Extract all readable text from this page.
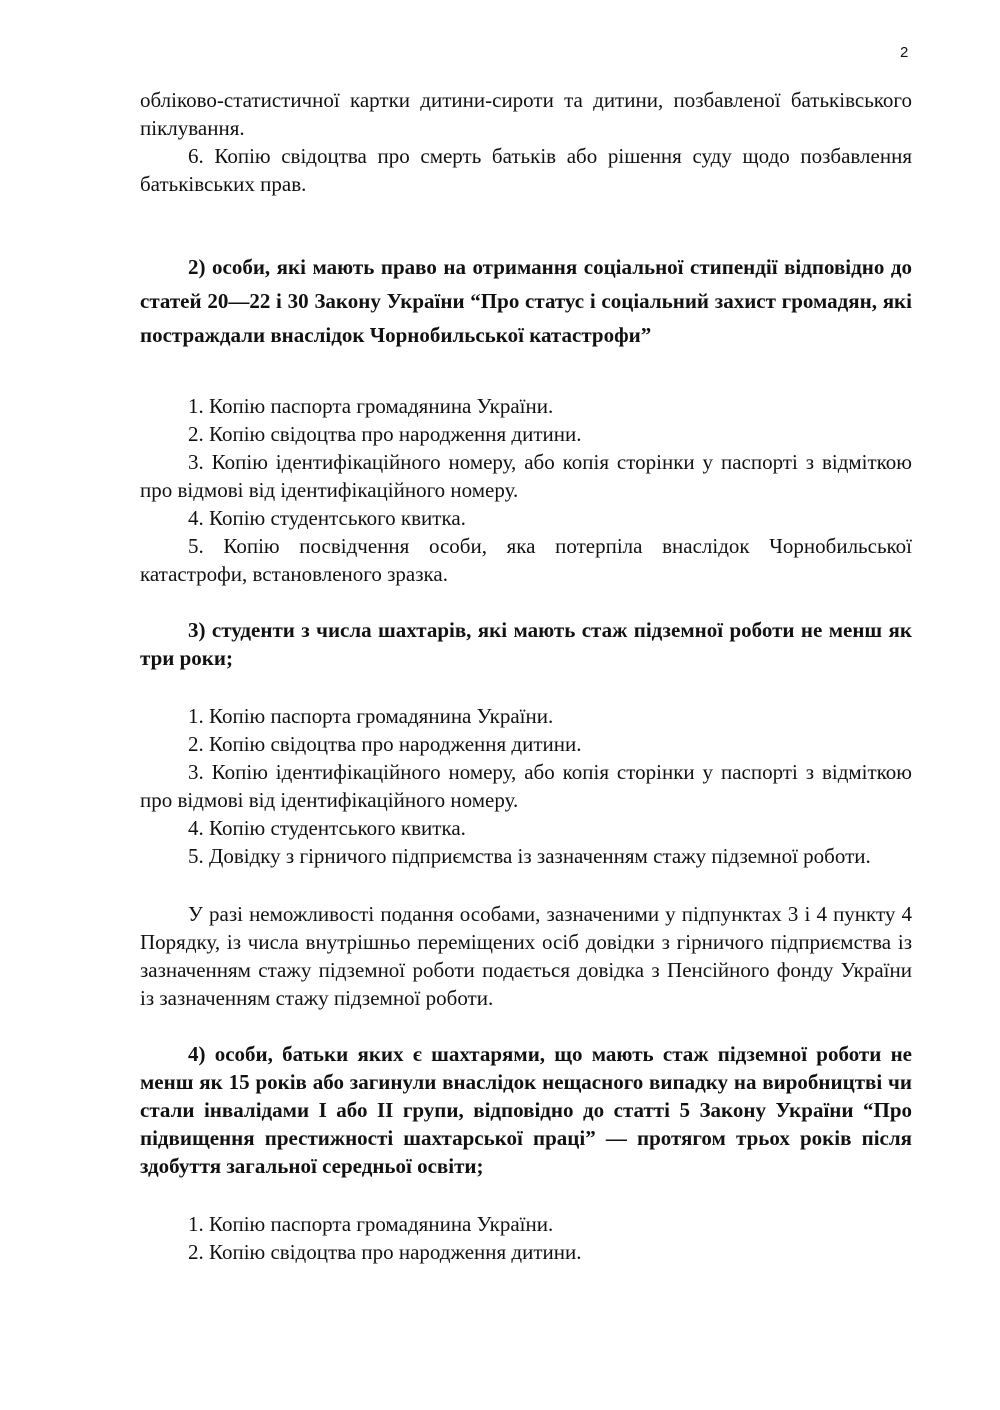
2

обліково-статистичної картки дитини-сироти та дитини, позбавленої батьківського піклування.

6. Копію свідоцтва про смерть батьків або рішення суду щодо позбавлення батьківських прав.

2) особи, які мають право на отримання соціальної стипендії відповідно до статей 20—22 і 30 Закону України “Про статус і соціальний захист громадян, які постраждали внаслідок Чорнобильської катастрофи”

1. Копію паспорта громадянина України.

2. Копію свідоцтва про народження дитини.

3. Копію ідентифікаційного номеру, або копія сторінки у паспорті з відміткою про відмові від ідентифікаційного номеру.

4. Копію студентського квитка.

5. Копію посвідчення особи, яка потерпіла внаслідок Чорнобильської катастрофи, встановленого зразка.

3) студенти з числа шахтарів, які мають стаж підземної роботи не менш як три роки;

1. Копію паспорта громадянина України.

2. Копію свідоцтва про народження дитини.

3. Копію ідентифікаційного номеру, або копія сторінки у паспорті з відміткою про відмові від ідентифікаційного номеру.

4. Копію студентського квитка.

5. Довідку з гірничого підприємства із зазначенням стажу підземної роботи.

У разі неможливості подання особами, зазначеними у підпунктах 3 і 4 пункту 4 Порядку, із числа внутрішньо переміщених осіб довідки з гірничого підприємства із зазначенням стажу підземної роботи подається довідка з Пенсійного фонду України із зазначенням стажу підземної роботи.

4) особи, батьки яких є шахтарями, що мають стаж підземної роботи не менш як 15 років або загинули внаслідок нещасного випадку на виробництві чи стали інвалідами I або II групи, відповідно до статті 5 Закону України “Про підвищення престижності шахтарської праці” — протягом трьох років після здобуття загальної середньої освіти;

1. Копію паспорта громадянина України.

2. Копію свідоцтва про народження дитини.
